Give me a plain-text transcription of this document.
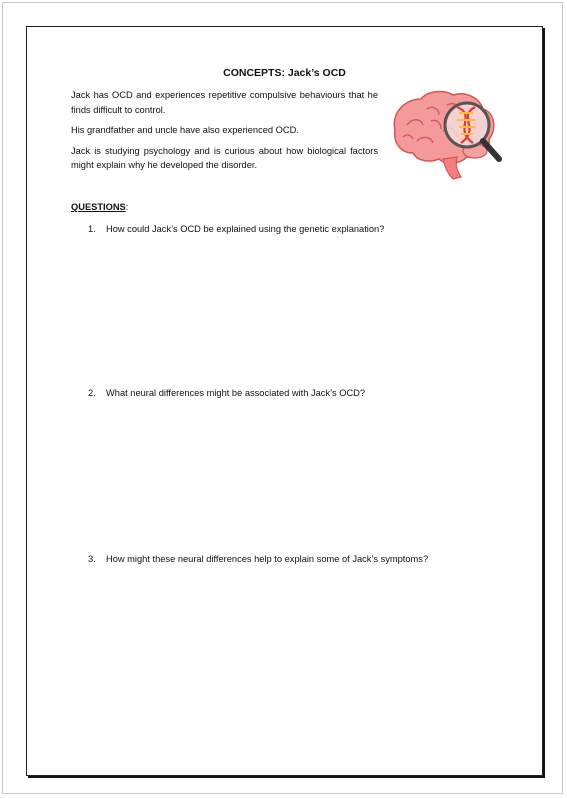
CONCEPTS: Jack’s OCD

Jack has OCD and experiences repetitive compulsive behaviours that he finds difficult to control.

His grandfather and uncle have also experienced OCD.

Jack is studying psychology and is curious about how biological factors might explain why he developed the disorder.

QUESTIONS:
1. How could Jack’s OCD be explained using the genetic explanation?
2. What neural differences might be associated with Jack’s OCD?
3. How might these neural differences help to explain some of Jack’s symptoms?
